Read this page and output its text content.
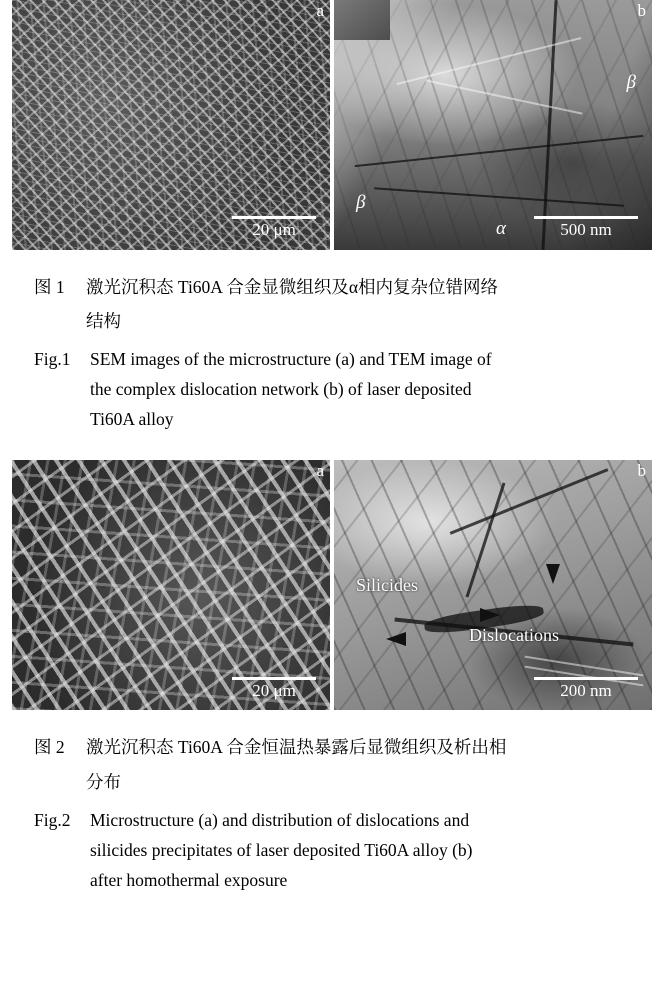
a
20 μm
b
β
β
α	500 nm
图 1	激光沉积态 Ti60A 合金显微组织及α相内复杂位错网络
结构
Fig.1	SEM images of the microstructure (a) and TEM image of

the complex dislocation network (b) of laser deposited

Ti60A alloy

a
20 μm
b
Silicides
Dislocations
200 nm
图 2	激光沉积态 Ti60A 合金恒温热暴露后显微组织及析出相
分布
Fig.2	Microstructure (a) and distribution of dislocations and

silicides precipitates of laser deposited Ti60A alloy (b)

after homothermal exposure
